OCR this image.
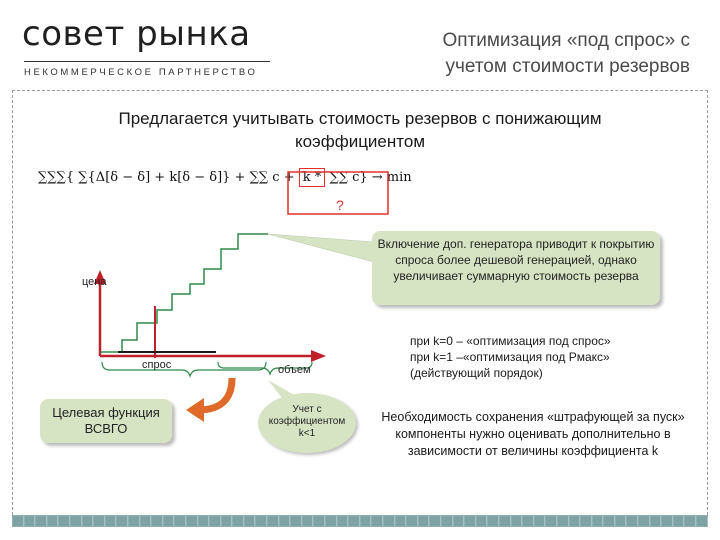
совет рынка
НЕКОММЕРЧЕСКОЕ ПАРТНЕРСТВО
Оптимизация «под спрос» с
учетом стоимости резервов
Предлагается учитывать стоимость резервов с понижающим
коэффициентом
∑∑∑{ ∑{Δ[δ − δ] + k[δ − δ]} + ∑∑ c + k * ∑∑ c} → min
?
цена
спрос	объем
Включение доп. генератора приводит к покрытию спроса более дешевой генерацией, однако увеличивает суммарную стоимость резерва
при k=0 – «оптимизация под спрос»
при k=1 –«оптимизация под Pмакс»
(действующий порядок)
Целевая функция
ВСВГО
Учет с
коэффициентом
k<1
Необходимость сохранения «штрафующей за пуск» компоненты нужно оценивать дополнительно в зависимости от величины коэффициента k
